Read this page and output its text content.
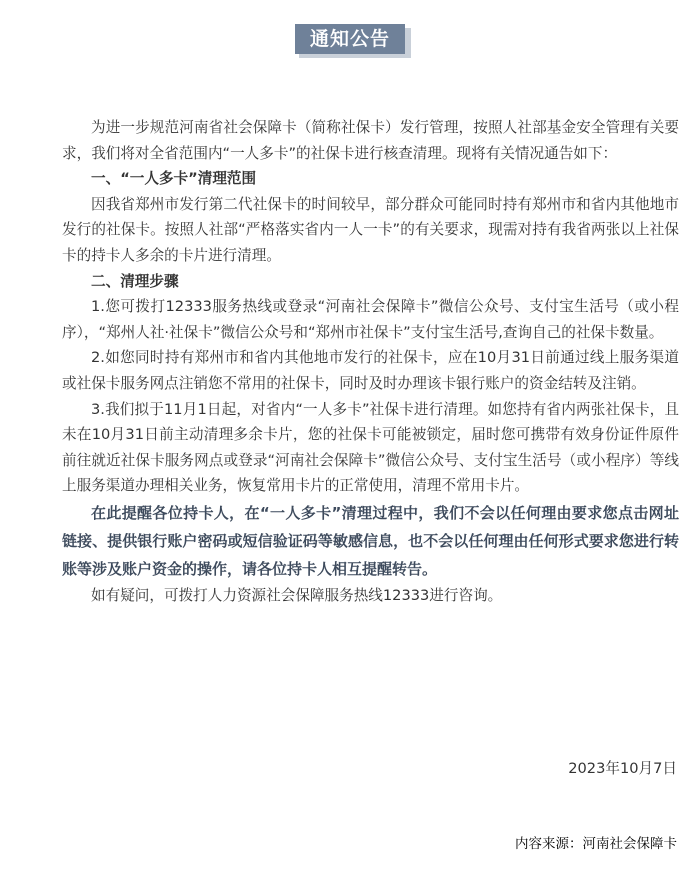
通知公告

为进一步规范河南省社会保障卡（简称社保卡）发行管理，按照人社部基金安全管理有关要求，我们将对全省范围内“一人多卡”的社保卡进行核查清理。现将有关情况通告如下：

一、“一人多卡”清理范围

因我省郑州市发行第二代社保卡的时间较早，部分群众可能同时持有郑州市和省内其他地市发行的社保卡。按照人社部“严格落实省内一人一卡”的有关要求，现需对持有我省两张以上社保卡的持卡人多余的卡片进行清理。

二、清理步骤

1.您可拨打12333服务热线或登录“河南社会保障卡”微信公众号、支付宝生活号（或小程序），“郑州人社·社保卡”微信公众号和“郑州市社保卡”支付宝生活号,查询自己的社保卡数量。

2.如您同时持有郑州市和省内其他地市发行的社保卡，应在10月31日前通过线上服务渠道或社保卡服务网点注销您不常用的社保卡，同时及时办理该卡银行账户的资金结转及注销。

3.我们拟于11月1日起，对省内“一人多卡”社保卡进行清理。如您持有省内两张社保卡，且未在10月31日前主动清理多余卡片，您的社保卡可能被锁定，届时您可携带有效身份证件原件前往就近社保卡服务网点或登录“河南社会保障卡”微信公众号、支付宝生活号（或小程序）等线上服务渠道办理相关业务，恢复常用卡片的正常使用，清理不常用卡片。

在此提醒各位持卡人，在“一人多卡”清理过程中，我们不会以任何理由要求您点击网址链接、提供银行账户密码或短信验证码等敏感信息，也不会以任何理由任何形式要求您进行转账等涉及账户资金的操作，请各位持卡人相互提醒转告。

如有疑问，可拨打人力资源社会保障服务热线12333进行咨询。

2023年10月7日
内容来源：河南社会保障卡
